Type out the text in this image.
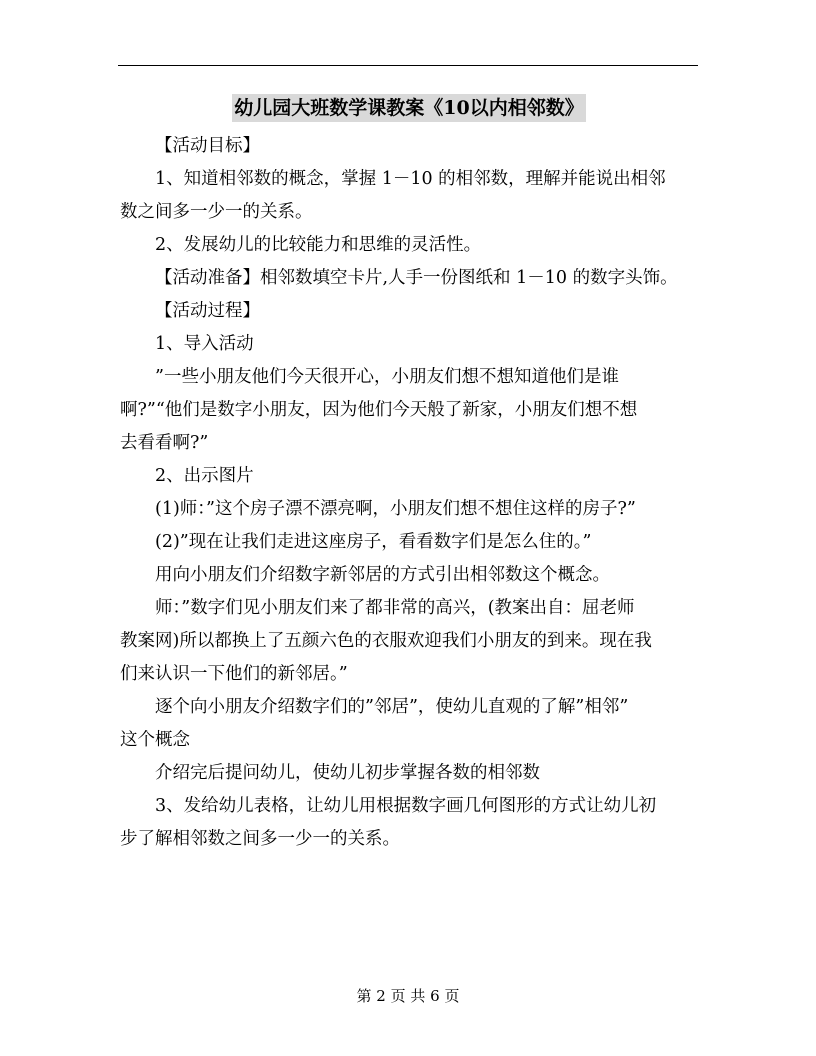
幼儿园大班数学课教案《10以内相邻数》
【活动目标】
1、知道相邻数的概念，掌握 1－10 的相邻数，理解并能说出相邻
数之间多一少一的关系。
2、发展幼儿的比较能力和思维的灵活性。
【活动准备】相邻数填空卡片,人手一份图纸和 1－10 的数字头饰。
【活动过程】
1、导入活动
”一些小朋友他们今天很开心，小朋友们想不想知道他们是谁
啊?”“他们是数字小朋友，因为他们今天般了新家，小朋友们想不想
去看看啊?”
2、出示图片
(1)师：”这个房子漂不漂亮啊，小朋友们想不想住这样的房子?”
(2)”现在让我们走进这座房子，看看数字们是怎么住的。”
用向小朋友们介绍数字新邻居的方式引出相邻数这个概念。
师：”数字们见小朋友们来了都非常的高兴，(教案出自：屈老师
教案网)所以都换上了五颜六色的衣服欢迎我们小朋友的到来。现在我
们来认识一下他们的新邻居。”
逐个向小朋友介绍数字们的”邻居”，使幼儿直观的了解”相邻”
这个概念
介绍完后提问幼儿，使幼儿初步掌握各数的相邻数
3、发给幼儿表格，让幼儿用根据数字画几何图形的方式让幼儿初
步了解相邻数之间多一少一的关系。
第 2 页 共 6 页
